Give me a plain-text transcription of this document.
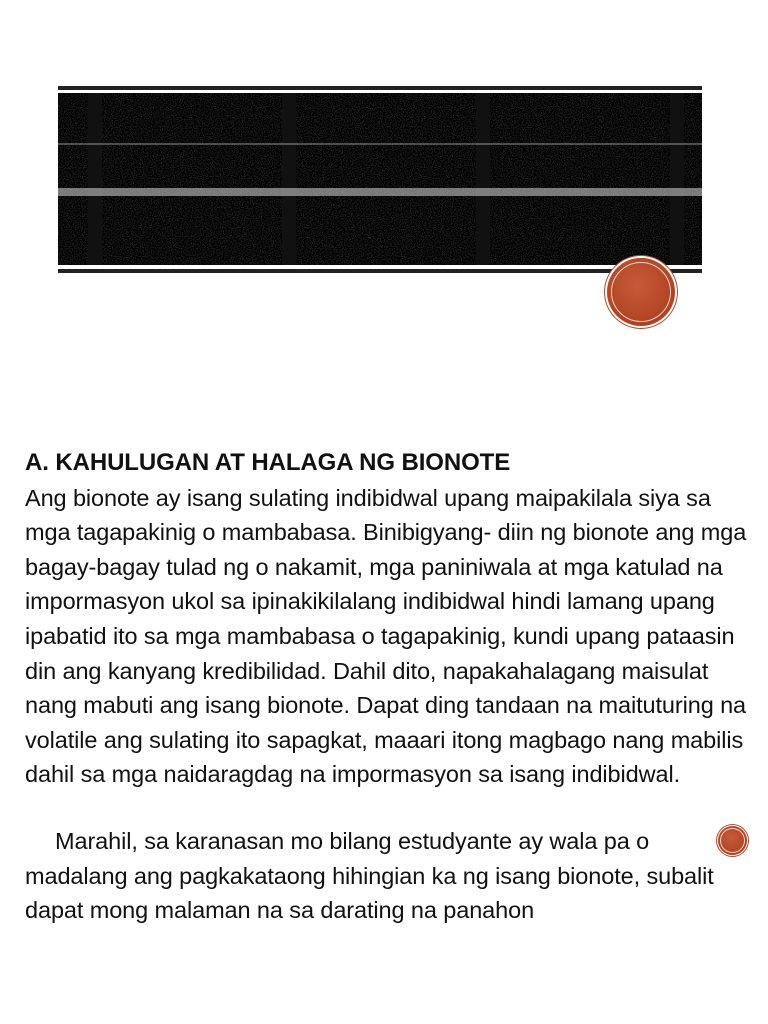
A. KAHULUGAN AT HALAGA NG BIONOTE

Ang bionote ay isang sulating indibidwal upang maipakilala siya sa mga tagapakinig o mambabasa. Binibigyang- diin ng bionote ang mga bagay-bagay tulad ng o nakamit, mga paniniwala at mga katulad na impormasyon ukol sa ipinakikilalang indibidwal hindi lamang upang ipabatid ito sa mga mambabasa o tagapakinig, kundi upang pataasin din ang kanyang kredibilidad. Dahil dito, napakahalagang maisulat nang mabuti ang isang bionote. Dapat ding tandaan na maituturing na volatile ang sulating ito sapagkat, maaari itong magbago nang mabilis dahil sa mga naidaragdag na impormasyon sa isang indibidwal.

Marahil, sa karanasan mo bilang estudyante ay wala pa o madalang ang pagkakataong hihingian ka ng isang bionote, subalit dapat mong malaman na sa darating na panahon
